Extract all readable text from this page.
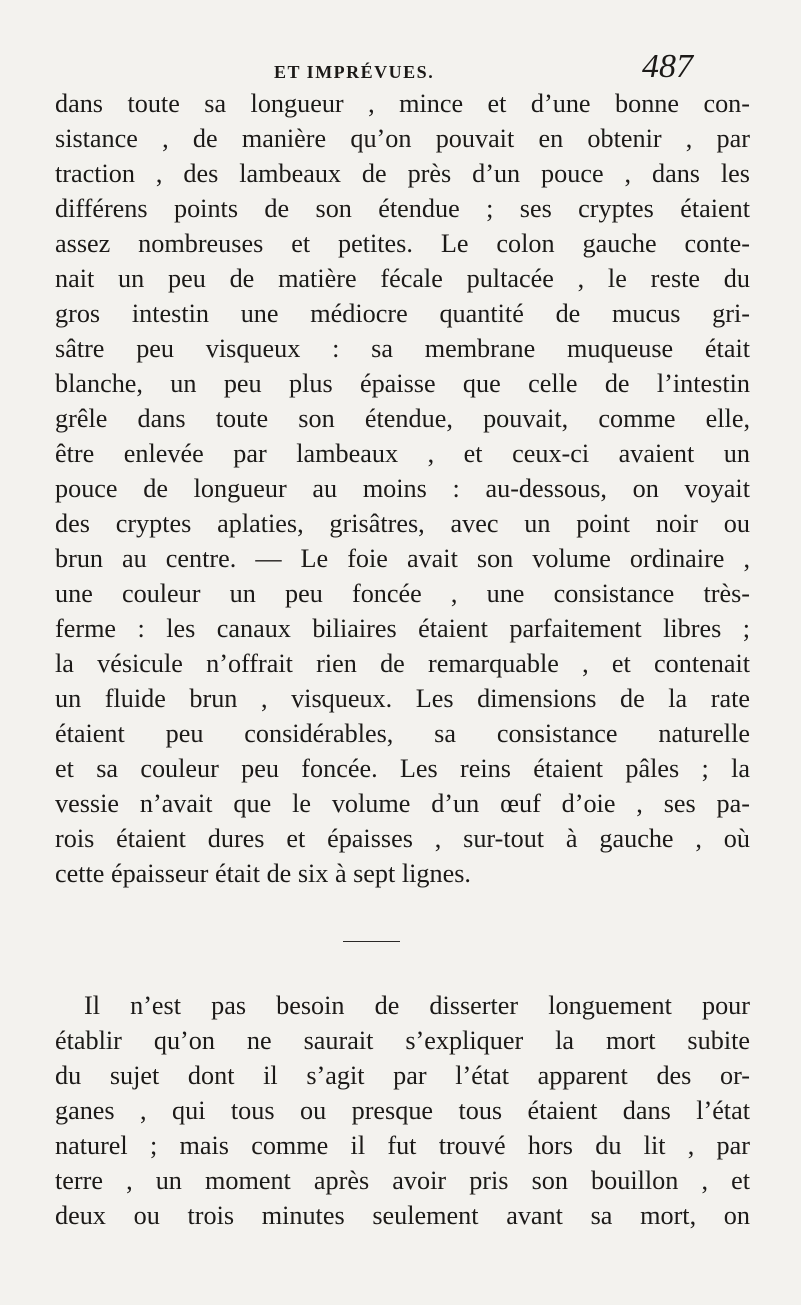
ET IMPRÉVUES.	487
dans toute sa longueur , mince et d’une bonne con-
sistance , de manière qu’on pouvait en obtenir , par
traction , des lambeaux de près d’un pouce , dans les
différens points de son étendue ; ses cryptes étaient
assez nombreuses et petites. Le colon gauche conte-
nait un peu de matière fécale pultacée , le reste du
gros intestin une médiocre quantité de mucus gri-
sâtre peu visqueux : sa membrane muqueuse était
blanche, un peu plus épaisse que celle de l’intestin
grêle dans toute son étendue, pouvait, comme elle,
être enlevée par lambeaux , et ceux-ci avaient un
pouce de longueur au moins : au-dessous, on voyait
des cryptes aplaties, grisâtres, avec un point noir ou
brun au centre. — Le foie avait son volume ordinaire ,
une couleur un peu foncée , une consistance très-
ferme : les canaux biliaires étaient parfaitement libres ;
la vésicule n’offrait rien de remarquable , et contenait
un fluide brun , visqueux. Les dimensions de la rate
étaient peu considérables, sa consistance naturelle
et sa couleur peu foncée. Les reins étaient pâles ; la
vessie n’avait que le volume d’un œuf d’oie , ses pa-
rois étaient dures et épaisses , sur-tout à gauche , où
cette épaisseur était de six à sept lignes.
Il n’est pas besoin de disserter longuement pour
établir qu’on ne saurait s’expliquer la mort subite
du sujet dont il s’agit par l’état apparent des or-
ganes , qui tous ou presque tous étaient dans l’état
naturel ; mais comme il fut trouvé hors du lit , par
terre , un moment après avoir pris son bouillon , et
deux ou trois minutes seulement avant sa mort, on
